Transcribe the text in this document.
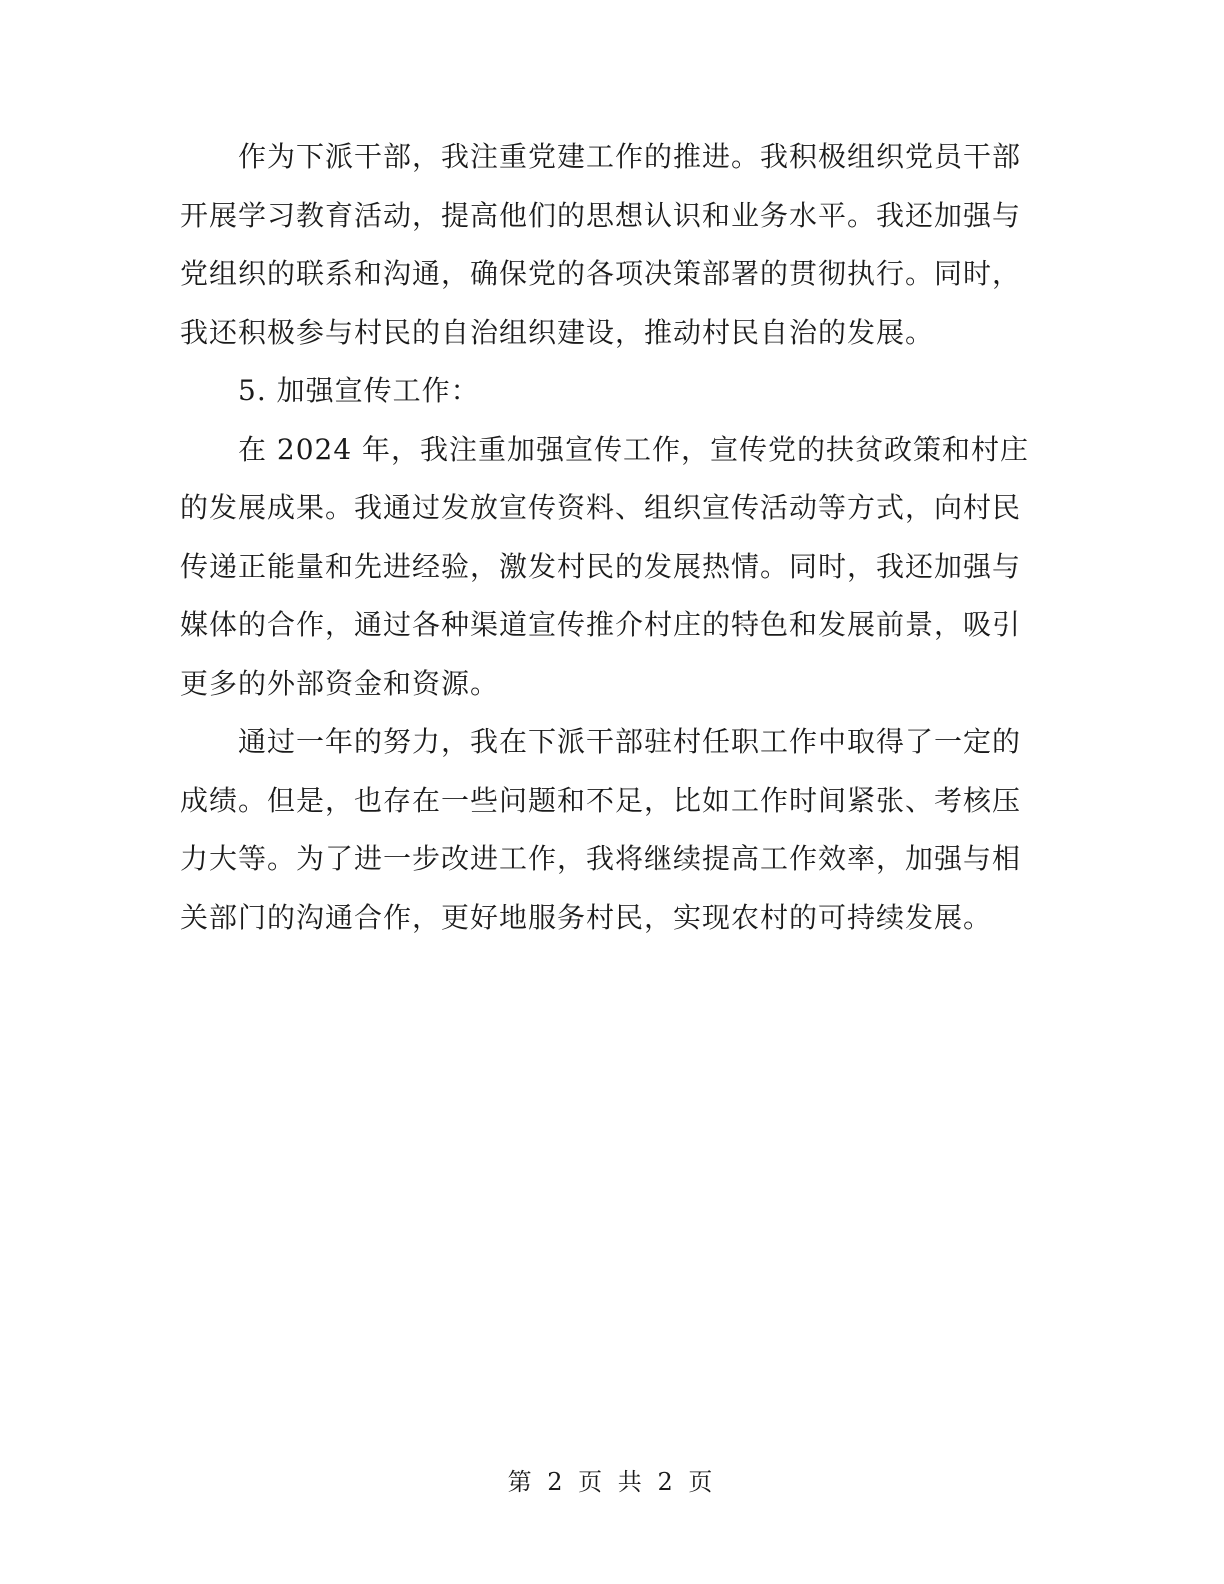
作为下派干部，我注重党建工作的推进。我积极组织党员干部开展学习教育活动，提高他们的思想认识和业务水平。我还加强与党组织的联系和沟通，确保党的各项决策部署的贯彻执行。同时，我还积极参与村民的自治组织建设，推动村民自治的发展。

5. 加强宣传工作：

在 2024 年，我注重加强宣传工作，宣传党的扶贫政策和村庄的发展成果。我通过发放宣传资料、组织宣传活动等方式，向村民传递正能量和先进经验，激发村民的发展热情。同时，我还加强与媒体的合作，通过各种渠道宣传推介村庄的特色和发展前景，吸引更多的外部资金和资源。

通过一年的努力，我在下派干部驻村任职工作中取得了一定的成绩。但是，也存在一些问题和不足，比如工作时间紧张、考核压力大等。为了进一步改进工作，我将继续提高工作效率，加强与相关部门的沟通合作，更好地服务村民，实现农村的可持续发展。

第 2 页 共 2 页
